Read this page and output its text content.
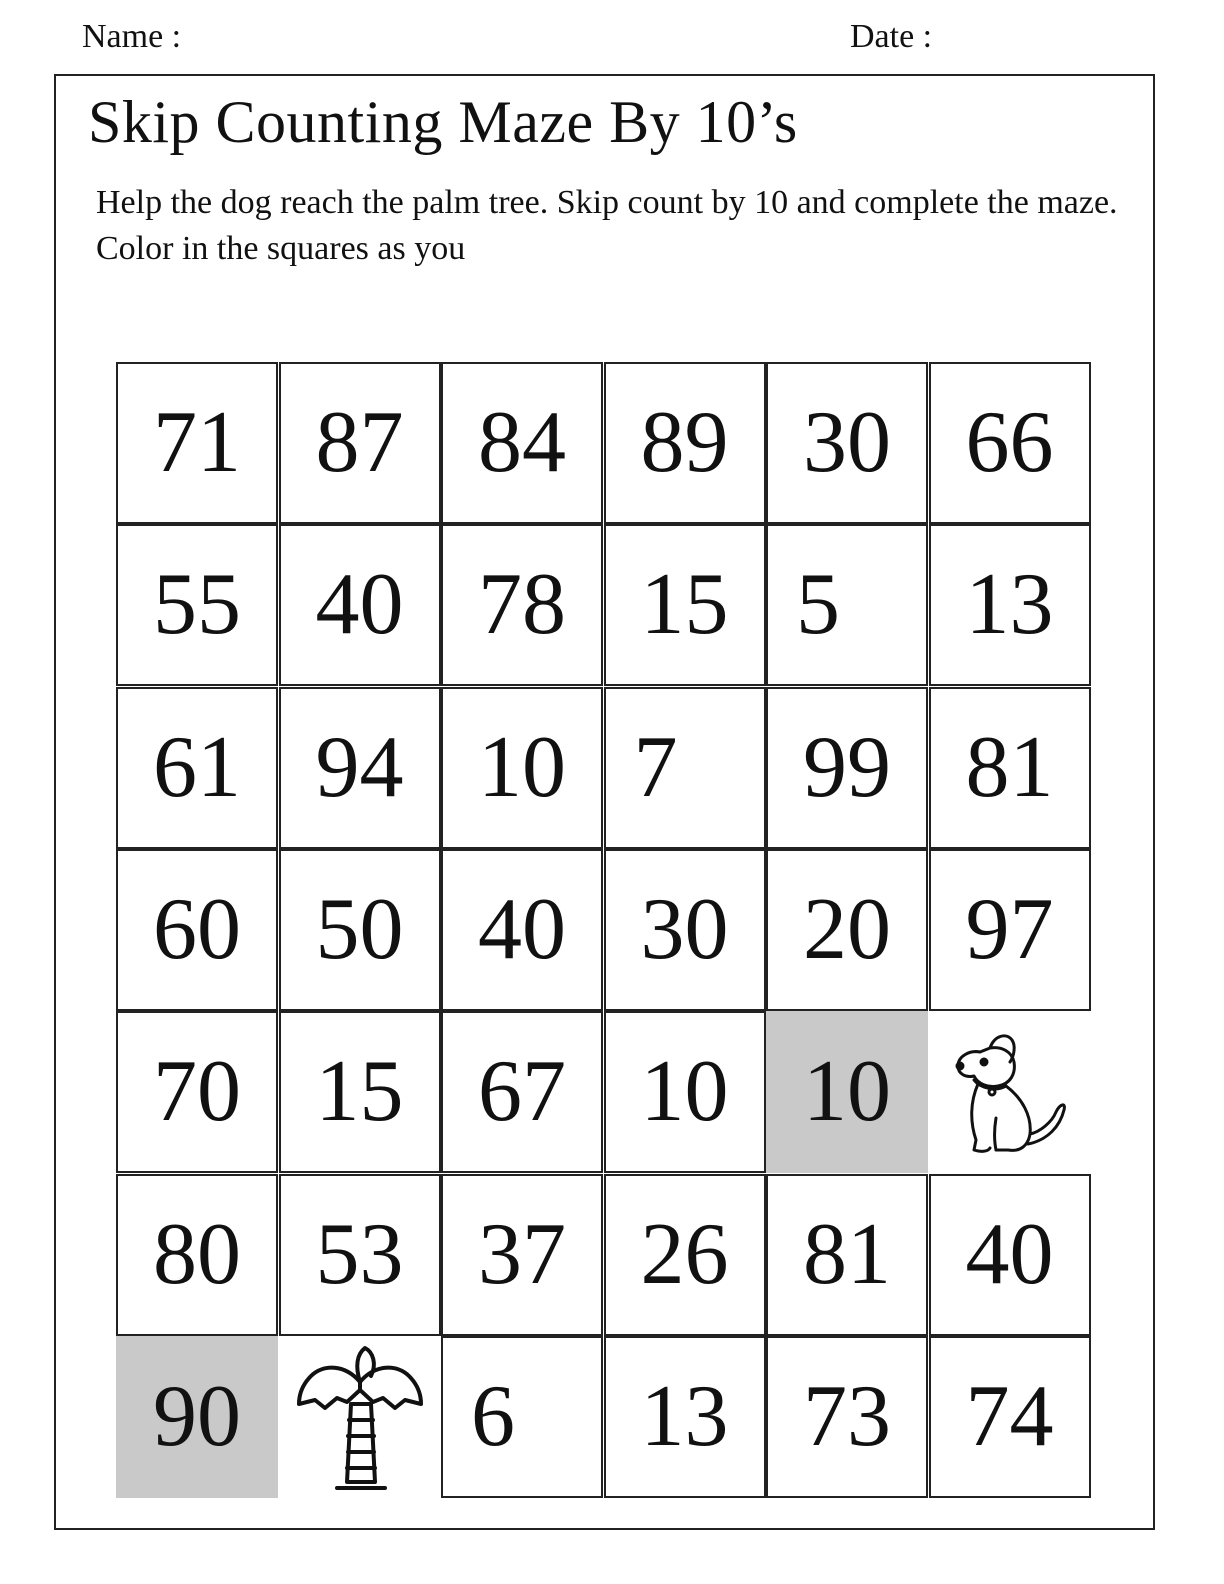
Name :	Date :
Skip Counting Maze By 10’s
Help the dog reach the palm tree. Skip count by 10 and complete the maze. Color in the squares as you
71 87 84 89 30 66
55 40 78 15 5 13
61 94 10 7 99 81
60 50 40 30 20 97
70 15 67 10 10
80 53 37 26 81 40
90	6 13 73 74
